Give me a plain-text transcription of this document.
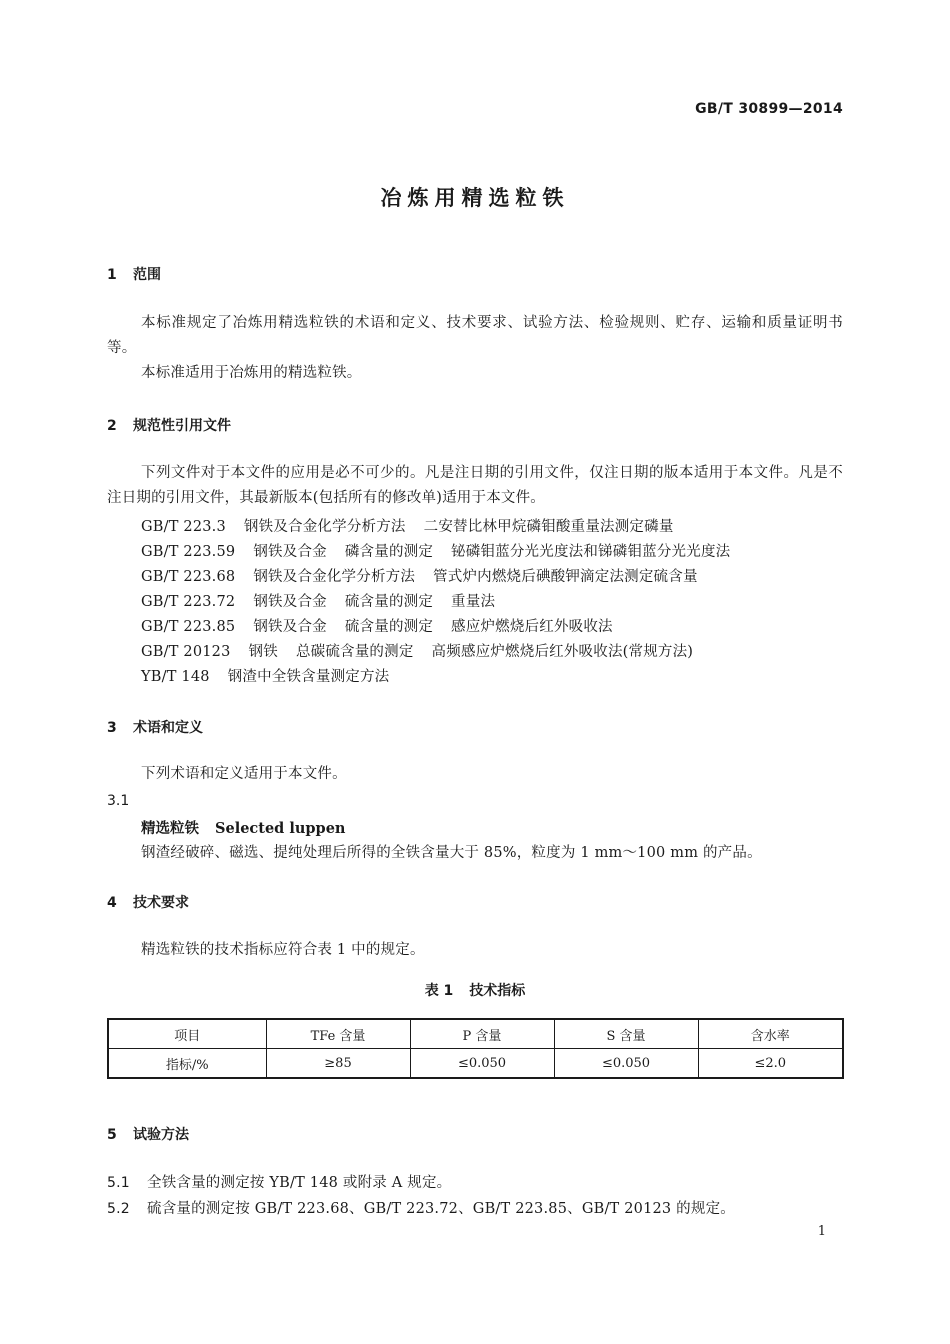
GB/T 30899—2014
冶炼用精选粒铁
1 范围
本标准规定了冶炼用精选粒铁的术语和定义、技术要求、试验方法、检验规则、贮存、运输和质量证明书等。
本标准适用于冶炼用的精选粒铁。
2 规范性引用文件
下列文件对于本文件的应用是必不可少的。凡是注日期的引用文件，仅注日期的版本适用于本文件。凡是不注日期的引用文件，其最新版本(包括所有的修改单)适用于本文件。
GB/T 223.3 钢铁及合金化学分析方法 二安替比林甲烷磷钼酸重量法测定磷量
GB/T 223.59 钢铁及合金 磷含量的测定 铋磷钼蓝分光光度法和锑磷钼蓝分光光度法
GB/T 223.68 钢铁及合金化学分析方法 管式炉内燃烧后碘酸钾滴定法测定硫含量
GB/T 223.72 钢铁及合金 硫含量的测定 重量法
GB/T 223.85 钢铁及合金 硫含量的测定 感应炉燃烧后红外吸收法
GB/T 20123 钢铁 总碳硫含量的测定 高频感应炉燃烧后红外吸收法(常规方法)
YB/T 148 钢渣中全铁含量测定方法
3 术语和定义
下列术语和定义适用于本文件。
3.1
精选粒铁 Selected luppen
钢渣经破碎、磁选、提纯处理后所得的全铁含量大于 85%，粒度为 1 mm～100 mm 的产品。
4 技术要求
精选粒铁的技术指标应符合表 1 中的规定。
表 1 技术指标
项目	TFe 含量	P 含量	S 含量	含水率
指标/%	≥85	≤0.050	≤0.050	≤2.0
5 试验方法
5.1 全铁含量的测定按 YB/T 148 或附录 A 规定。
5.2 硫含量的测定按 GB/T 223.68、GB/T 223.72、GB/T 223.85、GB/T 20123 的规定。
1
